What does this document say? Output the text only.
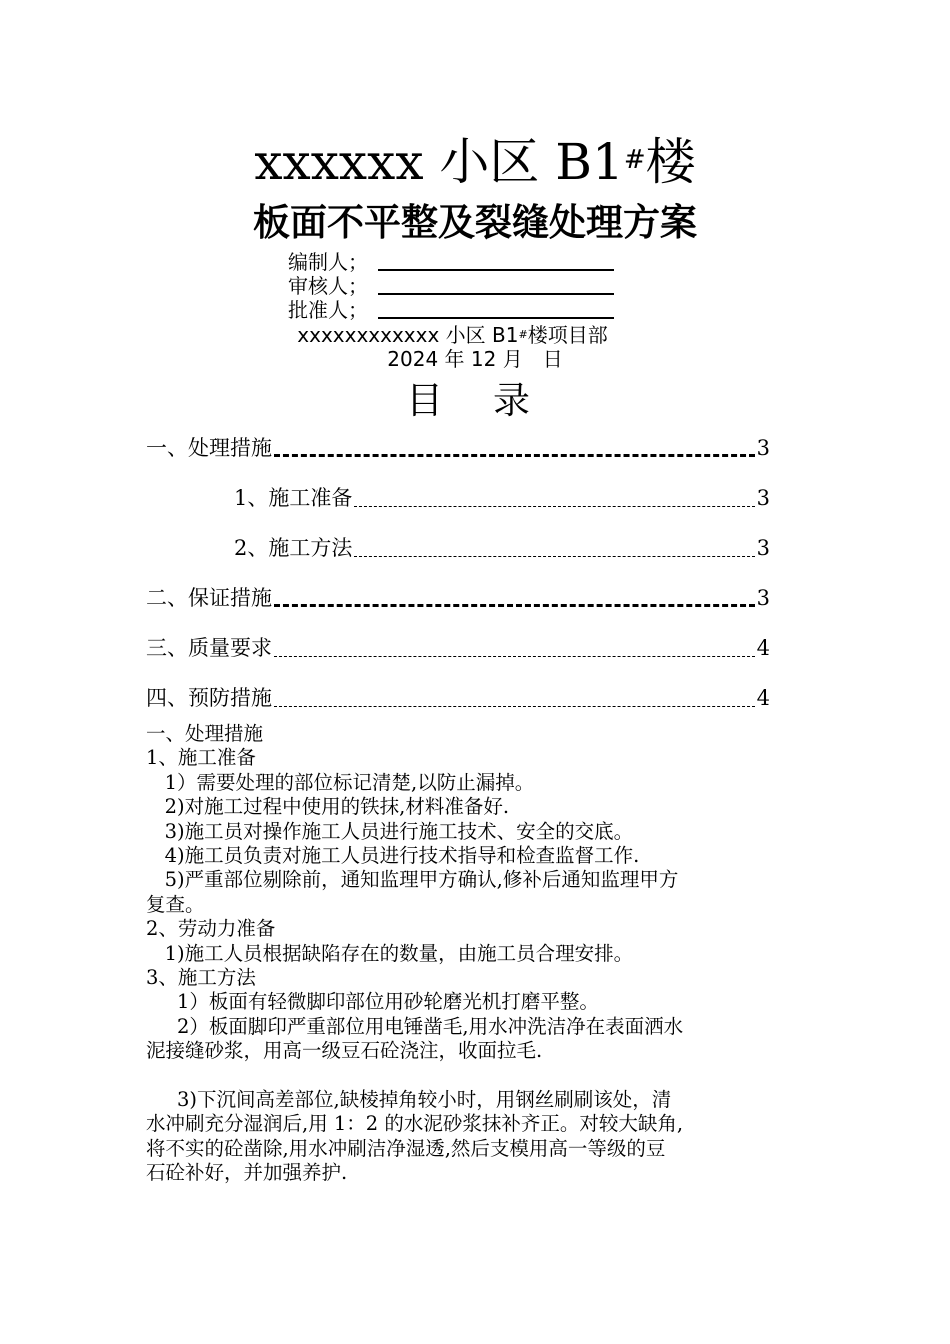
xxxxxx 小区 B1#楼
板面不平整及裂缝处理方案
编制人；
审核人；
批准人；
xxxxxxxxxxxx 小区 B1#楼项目部
2024 年 12 月　日
目录
一、处理措施	3
1、施工准备	3
2、施工方法	3
二、保证措施	3
三、质量要求	4
四、预防措施	4

一、处理措施

1、施工准备

1）需要处理的部位标记清楚,以防止漏掉。

2)对施工过程中使用的铁抹,材料准备好.

3)施工员对操作施工人员进行施工技术、安全的交底。

4)施工员负责对施工人员进行技术指导和检查监督工作.

5)严重部位剔除前，通知监理甲方确认,修补后通知监理甲方

复查。

2、劳动力准备

1)施工人员根据缺陷存在的数量，由施工员合理安排。

3、施工方法

1）板面有轻微脚印部位用砂轮磨光机打磨平整。

2）板面脚印严重部位用电锤凿毛,用水冲洗洁净在表面洒水

泥接缝砂浆，用高一级豆石砼浇注，收面拉毛.

3)下沉间高差部位,缺棱掉角较小时，用钢丝刷刷该处，清

水冲刷充分湿润后,用 1：2 的水泥砂浆抹补齐正。对较大缺角,

将不实的砼凿除,用水冲刷洁净湿透,然后支模用高一等级的豆

石砼补好，并加强养护.
